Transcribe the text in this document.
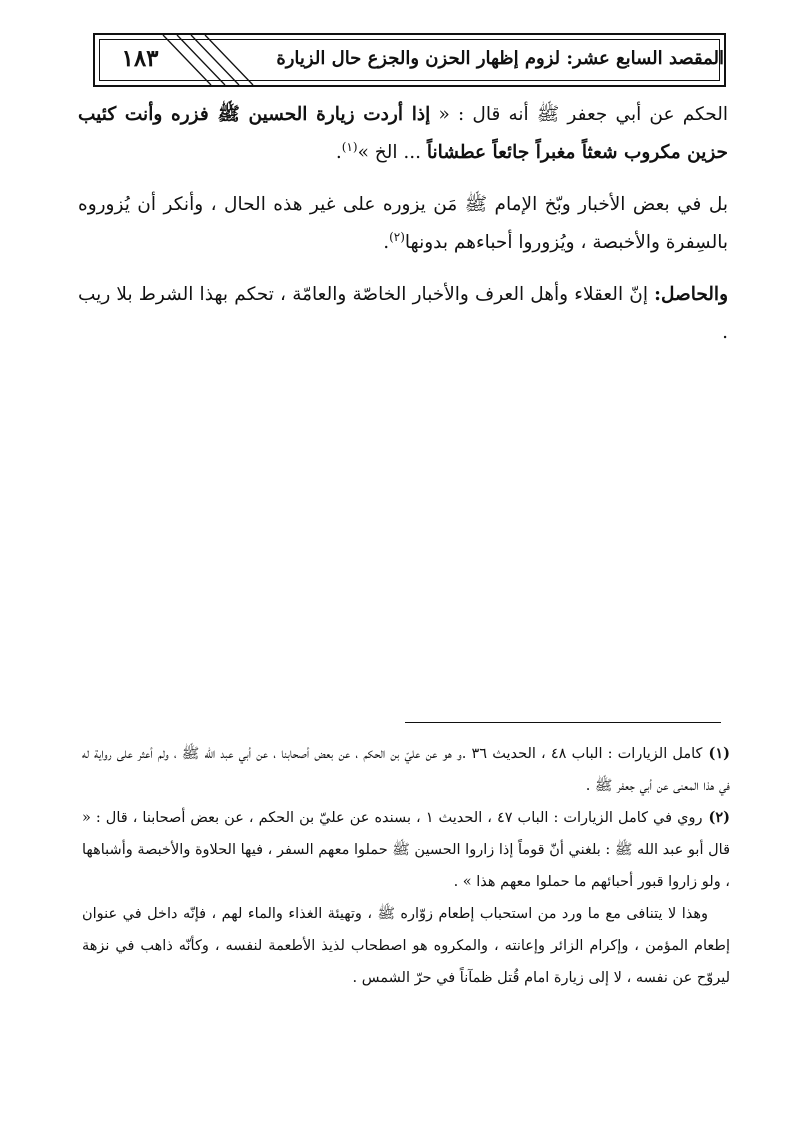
١٨٣	المقصد السابع عشر: لزوم إظهار الحزن والجزع حال الزيارة

الحكم عن أبي جعفر ﷺ أنه قال : « إذا أردت زيارة الحسين ﷺ فزره وأنت كئيب حزين مكروب شعثاً مغبراً جائعاً عطشاناً ... الخ »$^{(١)}$.

بل في بعض الأخبار وبّخ الإمام ﷺ مَن يزوره على غير هذه الحال ، وأنكر أن يُزوروه بالسِفرة والأخبصة ، ويُزوروا أحباءهم بدونها$^{(٢)}$.

والحاصل: إنّ العقلاء وأهل العرف والأخبار الخاصّة والعامّة ، تحكم بهذا الشرط بلا ريب .

(١)كامل الزيارات : الباب ٤٨ ، الحديث ٣٦ .و هو عن عليّ بن الحكم ، عن بعض أصحابنا ، عن أبي عبد الله ﷺ ، ولم أعثر على رواية له في هذا المعنى عن أبي جعفر ﷺ .

(٢)روي في كامل الزيارات : الباب ٤٧ ، الحديث ١ ، بسنده عن عليّ بن الحكم ، عن بعض أصحابنا ، قال : « قال أبو عبد الله ﷺ : بلغني أنّ قوماً إذا زاروا الحسين ﷺ حملوا معهم السفر ، فيها الحلاوة والأخبصة وأشباهها ، ولو زاروا قبور أحبائهم ما حملوا معهم هذا » .

وهذا لا يتنافى مع ما ورد من استحباب إطعام زوّاره ﷺ ، وتهيئة الغذاء والماء لهم ، فإنّه داخل في عنوان إطعام المؤمن ، وإكرام الزائر وإعانته ، والمكروه هو اصطحاب لذيذ الأطعمة لنفسه ، وكأنّه ذاهب في نزهة ليروّح عن نفسه ، لا إلى زيارة امام قُتل ظمآناً في حرّ الشمس .
